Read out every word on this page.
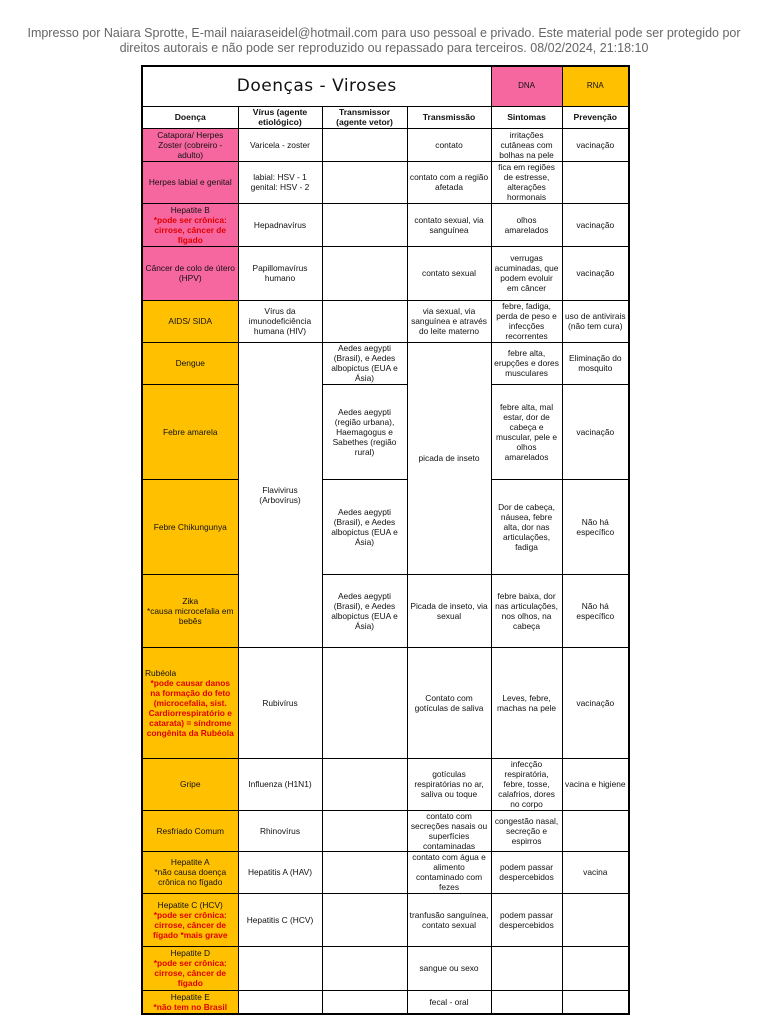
Impresso por Naiara Sprotte, E-mail naiaraseidel@hotmail.com para uso pessoal e privado. Este material pode ser protegido por
direitos autorais e não pode ser reproduzido ou repassado para terceiros. 08/02/2024, 21:18:10
Doenças - Viroses				DNA	RNA
Doença	Vírus (agente etiológico)	Transmissor (agente vetor)	Transmissão	Sintomas	Prevenção
Catapora/ Herpes Zoster (cobreiro - adulto)	Varicela - zoster		contato	irritações cutâneas com bolhas na pele	vacinação
Herpes labial e genital	labial: HSV - 1
genital: HSV - 2		contato com a região afetada	fica em regiões de estresse, alterações hormonais	

Hepatite B
*pode ser crônica: cirrose, câncer de fígado	Hepadnavírus		contato sexual, via sanguínea	olhos amarelados	vacinação
Câncer de colo de útero (HPV)	Papillomavírus humano		contato sexual	verrugas acuminadas, que podem evoluir em câncer	vacinação
AIDS/ SIDA	Vírus da imunodeficiência humana (HIV)		via sexual, via sanguínea e através do leite materno	febre, fadiga, perda de peso e infecções recorrentes	uso de antivirais (não tem cura)
Dengue	Flavivirus (Arbovírus)	Aedes aegypti (Brasil), e Aedes albopictus (EUA e Ásia)	picada de inseto	febre alta, erupções e dores musculares	Eliminação do mosquito
Febre amarela		Aedes aegypti (região urbana), Haemagogus e Sabethes (região rural)		febre alta, mal estar, dor de cabeça e muscular, pele e olhos amarelados	vacinação
Febre Chikungunya		Aedes aegypti (Brasil), e Aedes albopictus (EUA e Ásia)		Dor de cabeça, náusea, febre alta, dor nas articulações, fadiga	Não há específico

Zika
*causa microcefalia em bebês		Aedes aegypti (Brasil), e Aedes albopictus (EUA e Ásia)	Picada de inseto, via sexual	febre baixa, dor nas articulações, nos olhos, na cabeça	Não há específico

Rubéola
*pode causar danos na formação do feto (microcefalia, sist. Cardiorrespiratório e catarata) = síndrome congênita da Rubéola	Rubivírus		Contato com gotículas de saliva	Leves, febre, machas na pele	vacinação
Gripe	Influenza (H1N1)		gotículas respiratórias no ar, saliva ou toque	infecção respiratória, febre, tosse, calafrios, dores no corpo	vacina e higiene
Resfriado Comum	Rhinovírus		contato com secreções nasais ou superfícies contaminadas	congestão nasal, secreção e espirros	

Hepatite A
*não causa doença crônica no fígado	Hepatitis A (HAV)		contato com água e alimento contaminado com fezes	podem passar despercebidos	vacina

Hepatite C (HCV)
*pode ser crônica: cirrose, câncer de fígado *mais grave	Hepatitis C (HCV)		tranfusão sanguínea, contato sexual	podem passar despercebidos	

Hepatite D
*pode ser crônica: cirrose, câncer de fígado			sangue ou sexo		

Hepatite E
*não tem no Brasil			fecal - oral		
